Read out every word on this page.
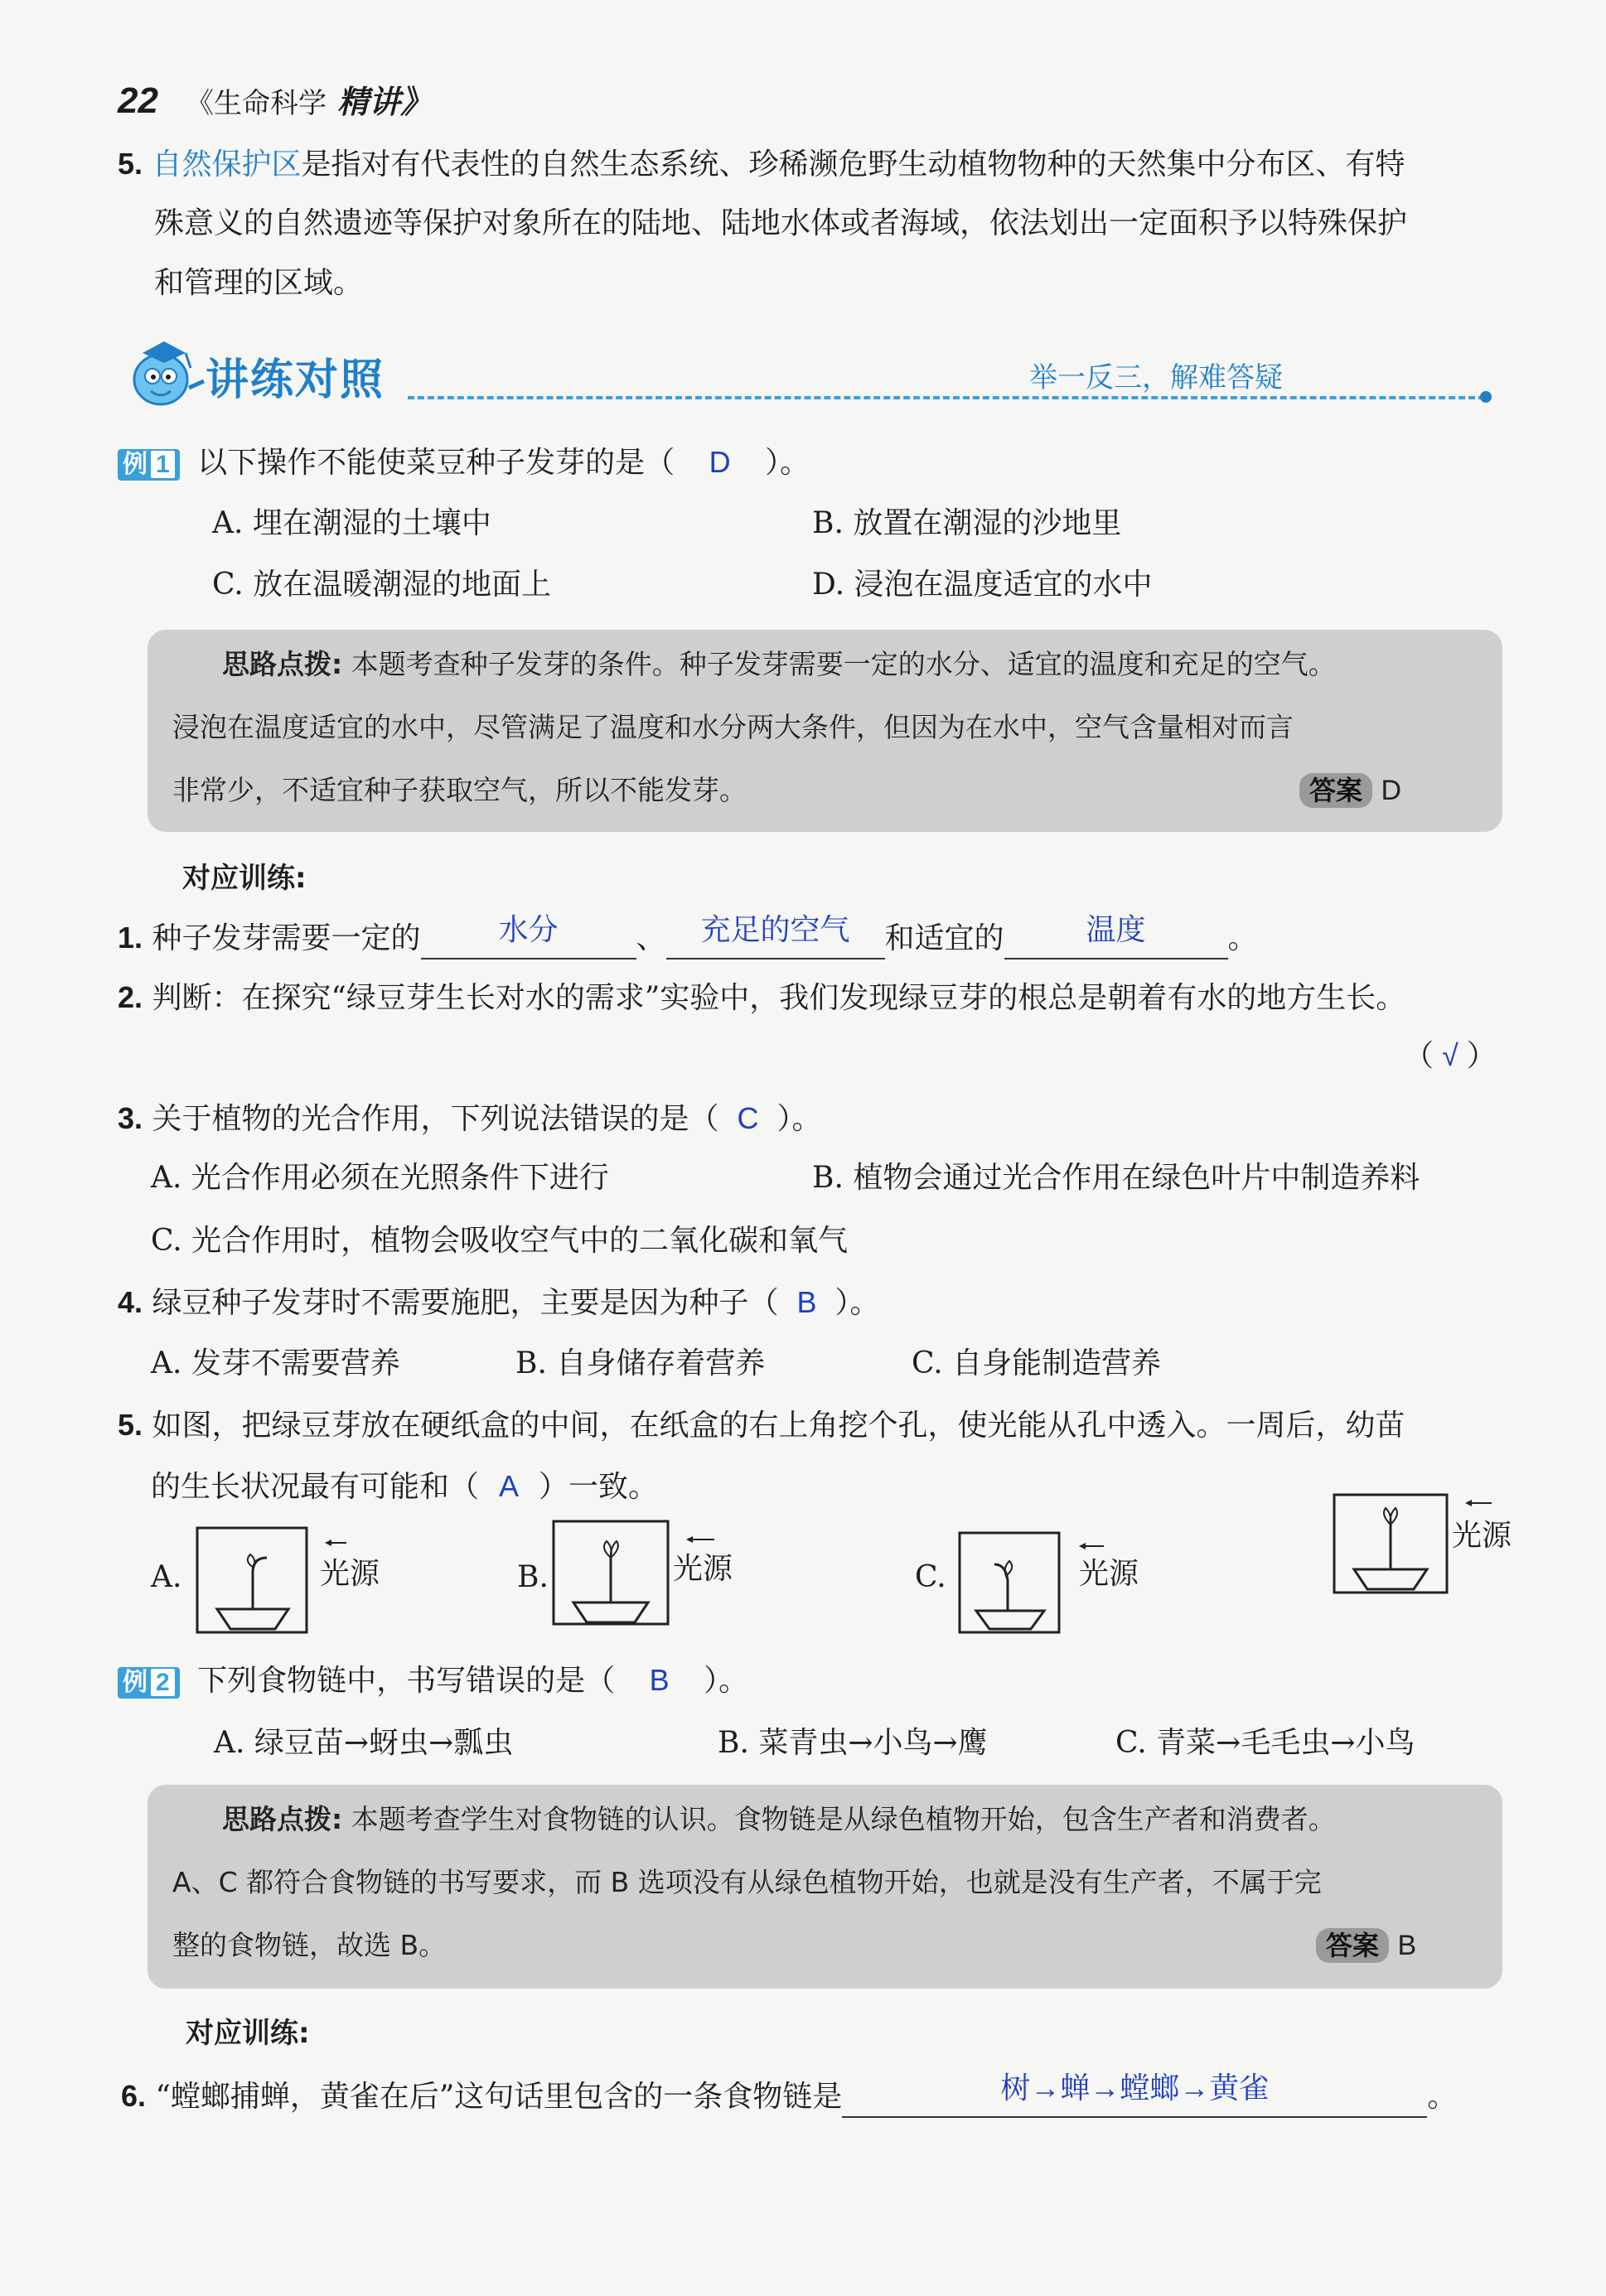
22 《生命科学 精讲》
5. 自然保护区是指对有代表性的自然生态系统、珍稀濒危野生动植物物种的天然集中分布区、有特
殊意义的自然遗迹等保护对象所在的陆地、陆地水体或者海域，依法划出一定面积予以特殊保护
和管理的区域。
讲练对照	举一反三，解难答疑
例 1 以下操作不能使菜豆种子发芽的是（ D ）。
A. 埋在潮湿的土壤中	B. 放置在潮湿的沙地里
C. 放在温暖潮湿的地面上	D. 浸泡在温度适宜的水中
思路点拨: 本题考查种子发芽的条件。种子发芽需要一定的水分、适宜的温度和充足的空气。
浸泡在温度适宜的水中，尽管满足了温度和水分两大条件，但因为在水中，空气含量相对而言
非常少，不适宜种子获取空气，所以不能发芽。	答案 D
对应训练:
1. 种子发芽需要一定的	水分	、 充足的空气 和适宜的	温度	。
2. 判断：在探究“绿豆芽生长对水的需求”实验中，我们发现绿豆芽的根总是朝着有水的地方生长。
（ √ ）
3. 关于植物的光合作用，下列说法错误的是（ C ）。
A. 光合作用必须在光照条件下进行	B. 植物会通过光合作用在绿色叶片中制造养料
C. 光合作用时，植物会吸收空气中的二氧化碳和氧气
4. 绿豆种子发芽时不需要施肥，主要是因为种子（ B ）。
A. 发芽不需要营养	B. 自身储存着营养	C. 自身能制造营养
5. 如图，把绿豆芽放在硬纸盒的中间，在纸盒的右上角挖个孔，使光能从孔中透入。一周后，幼苗
的生长状况最有可能和（ A ）一致。
A.	光源	B.	光源	C.	光源
光源
例 2 下列食物链中，书写错误的是（ B ）。
A. 绿豆苗→蚜虫→瓢虫	B. 菜青虫→小鸟→鹰	C. 青菜→毛毛虫→小鸟
思路点拨: 本题考查学生对食物链的认识。食物链是从绿色植物开始，包含生产者和消费者。
A、C 都符合食物链的书写要求，而 B 选项没有从绿色植物开始，也就是没有生产者，不属于完
整的食物链，故选 B。	答案 B
对应训练:
6. “螳螂捕蝉，黄雀在后”这句话里包含的一条食物链是	树→蝉→螳螂→黄雀	。
